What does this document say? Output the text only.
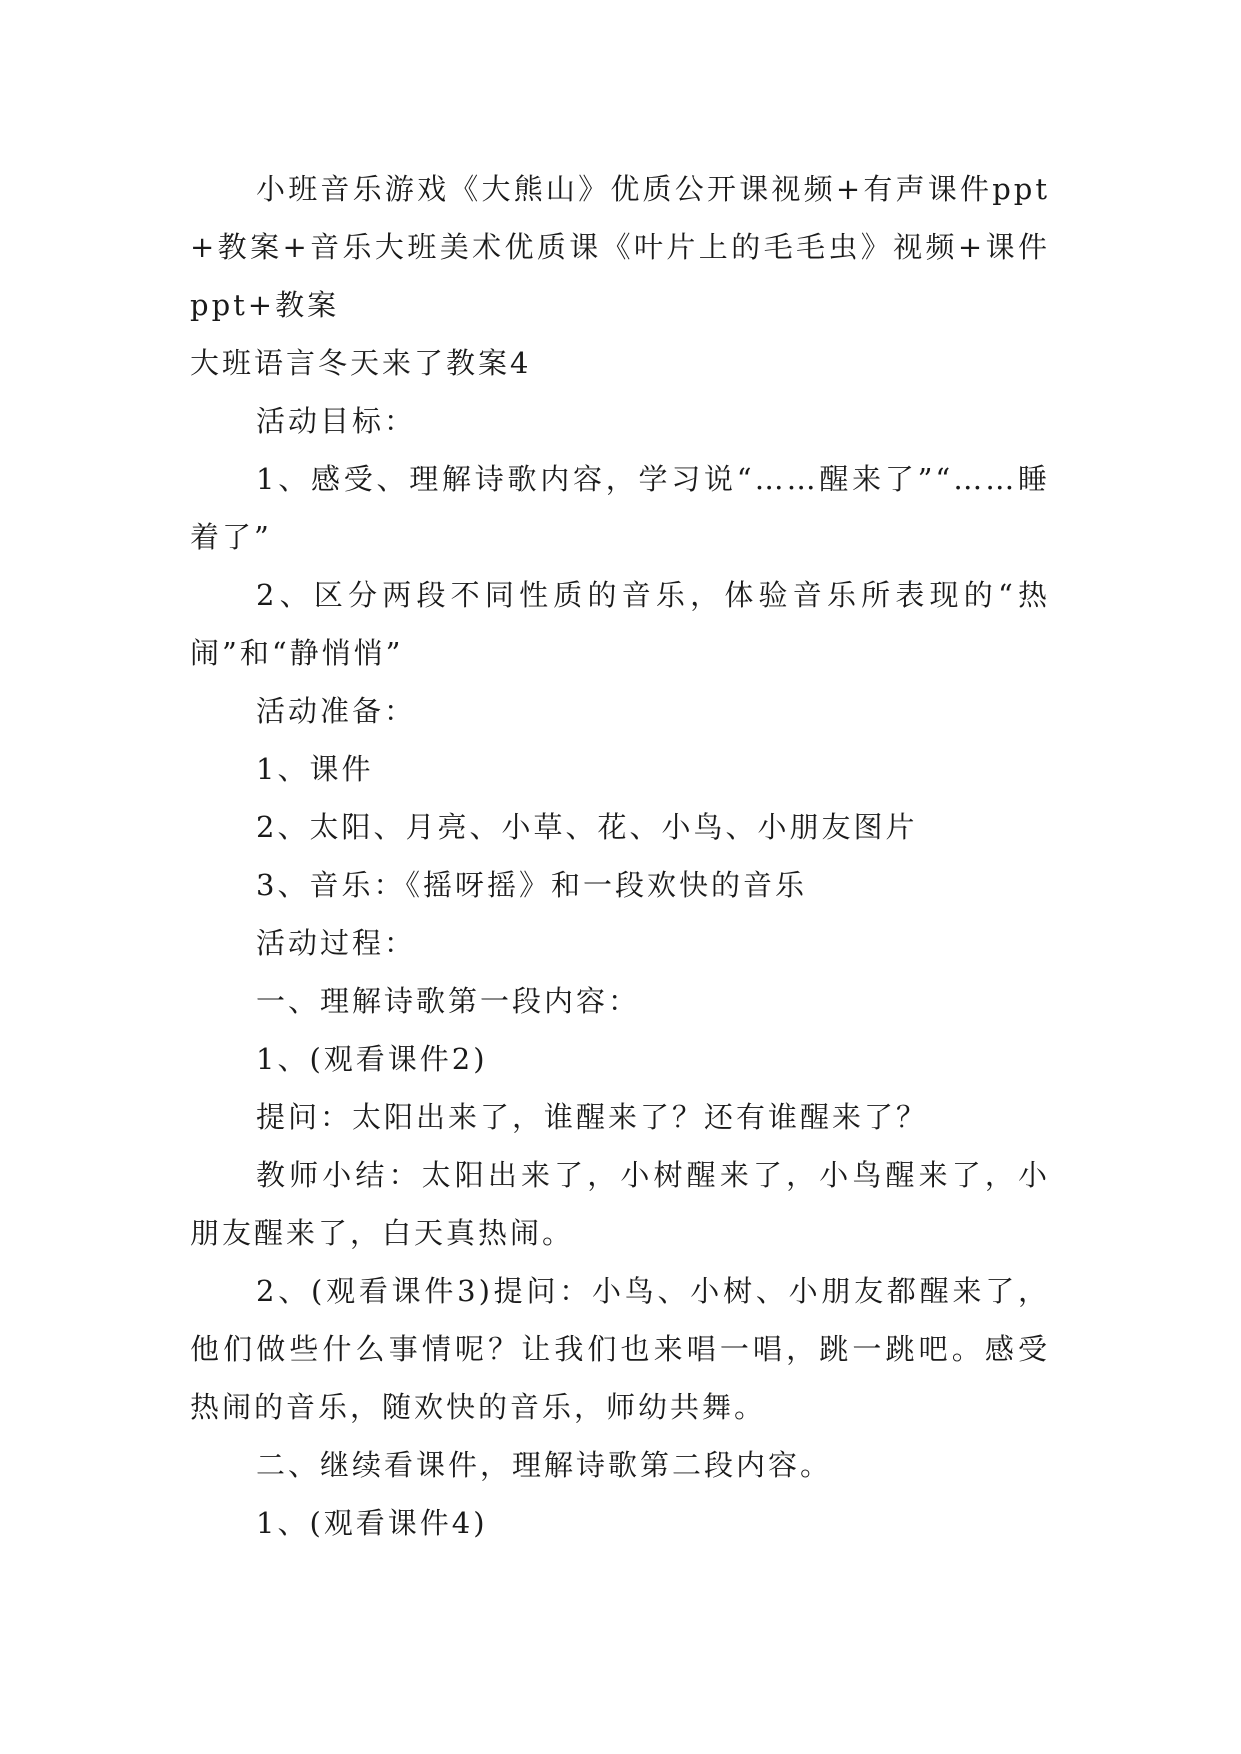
小班音乐游戏《大熊山》优质公开课视频+有声课件ppt+教案+音乐大班美术优质课《叶片上的毛毛虫》视频+课件ppt+教案

大班语言冬天来了教案4

活动目标：

1、感受、理解诗歌内容，学习说“……醒来了”“……睡着了”

2、区分两段不同性质的音乐，体验音乐所表现的“热闹”和“静悄悄”

活动准备：

1、课件

2、太阳、月亮、小草、花、小鸟、小朋友图片

3、音乐：《摇呀摇》和一段欢快的音乐

活动过程：

一、理解诗歌第一段内容：

1、(观看课件2)

提问：太阳出来了，谁醒来了？还有谁醒来了？

教师小结：太阳出来了，小树醒来了，小鸟醒来了，小朋友醒来了，白天真热闹。

2、(观看课件3)提问：小鸟、小树、小朋友都醒来了，他们做些什么事情呢？让我们也来唱一唱，跳一跳吧。感受热闹的音乐，随欢快的音乐，师幼共舞。

二、继续看课件，理解诗歌第二段内容。

1、(观看课件4)
